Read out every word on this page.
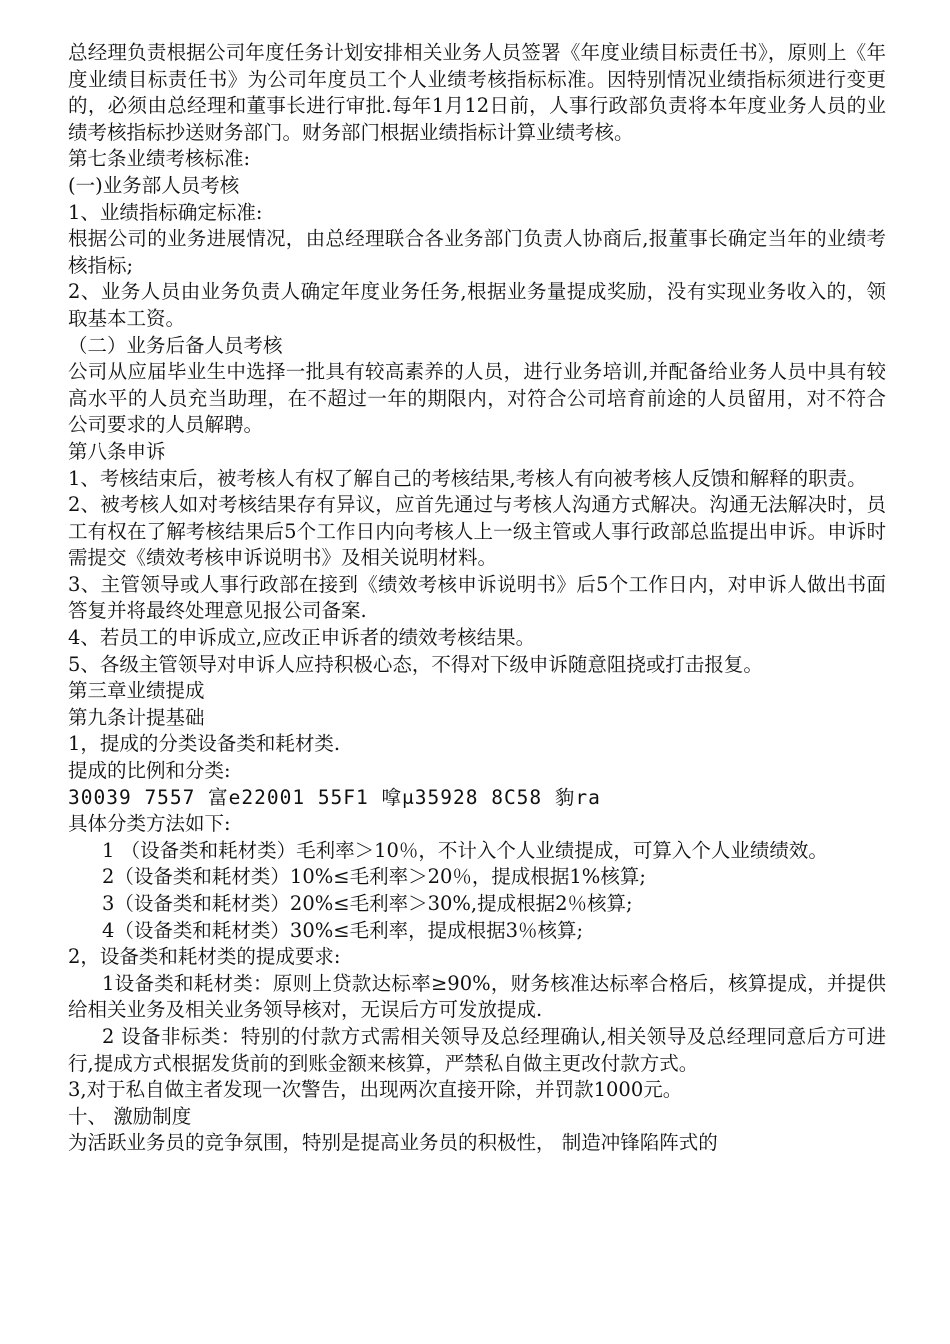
总经理负责根据公司年度任务计划安排相关业务人员签署《年度业绩目标责任书》，原则上《年度业绩目标责任书》为公司年度员工个人业绩考核指标标准。因特别情况业绩指标须进行变更的，必须由总经理和董事长进行审批.每年1月12日前，人事行政部负责将本年度业务人员的业绩考核指标抄送财务部门。财务部门根据业绩指标计算业绩考核。
第七条业绩考核标准:
(一)业务部人员考核
1、业绩指标确定标准:
根据公司的业务进展情况，由总经理联合各业务部门负责人协商后,报董事长确定当年的业绩考核指标;
2、业务人员由业务负责人确定年度业务任务,根据业务量提成奖励，没有实现业务收入的，领取基本工资。
（二）业务后备人员考核
公司从应届毕业生中选择一批具有较高素养的人员，进行业务培训,并配备给业务人员中具有较高水平的人员充当助理，在不超过一年的期限内，对符合公司培育前途的人员留用，对不符合公司要求的人员解聘。
第八条申诉
1、考核结束后，被考核人有权了解自己的考核结果,考核人有向被考核人反馈和解释的职责。
2、被考核人如对考核结果存有异议，应首先通过与考核人沟通方式解决。沟通无法解决时，员工有权在了解考核结果后5个工作日内向考核人上一级主管或人事行政部总监提出申诉。申诉时需提交《绩效考核申诉说明书》及相关说明材料。
3、主管领导或人事行政部在接到《绩效考核申诉说明书》后5个工作日内，对申诉人做出书面答复并将最终处理意见报公司备案.
4、若员工的申诉成立,应改正申诉者的绩效考核结果。
5、各级主管领导对申诉人应持积极心态，不得对下级申诉随意阻挠或打击报复。
第三章业绩提成
第九条计提基础
1，提成的分类设备类和耗材类.
提成的比例和分类:
30039 7557 富e22001 55F1 嗱μ35928 8C58 豿ra
具体分类方法如下:
1 （设备类和耗材类）毛利率＞10％，不计入个人业绩提成，可算入个人业绩绩效。
2（设备类和耗材类）10%≤毛利率＞20％，提成根据1%核算;
3（设备类和耗材类）20%≤毛利率＞30%,提成根据2％核算;
4（设备类和耗材类）30%≤毛利率，提成根据3％核算;
2，设备类和耗材类的提成要求:
1设备类和耗材类：原则上贷款达标率≥90%，财务核准达标率合格后，核算提成，并提供给相关业务及相关业务领导核对，无误后方可发放提成.
2 设备非标类：特别的付款方式需相关领导及总经理确认,相关领导及总经理同意后方可进行,提成方式根据发货前的到账金额来核算，严禁私自做主更改付款方式。
3,对于私自做主者发现一次警告，出现两次直接开除，并罚款1000元。
十、 激励制度
为活跃业务员的竞争氛围，特别是提高业务员的积极性， 制造冲锋陷阵式的
